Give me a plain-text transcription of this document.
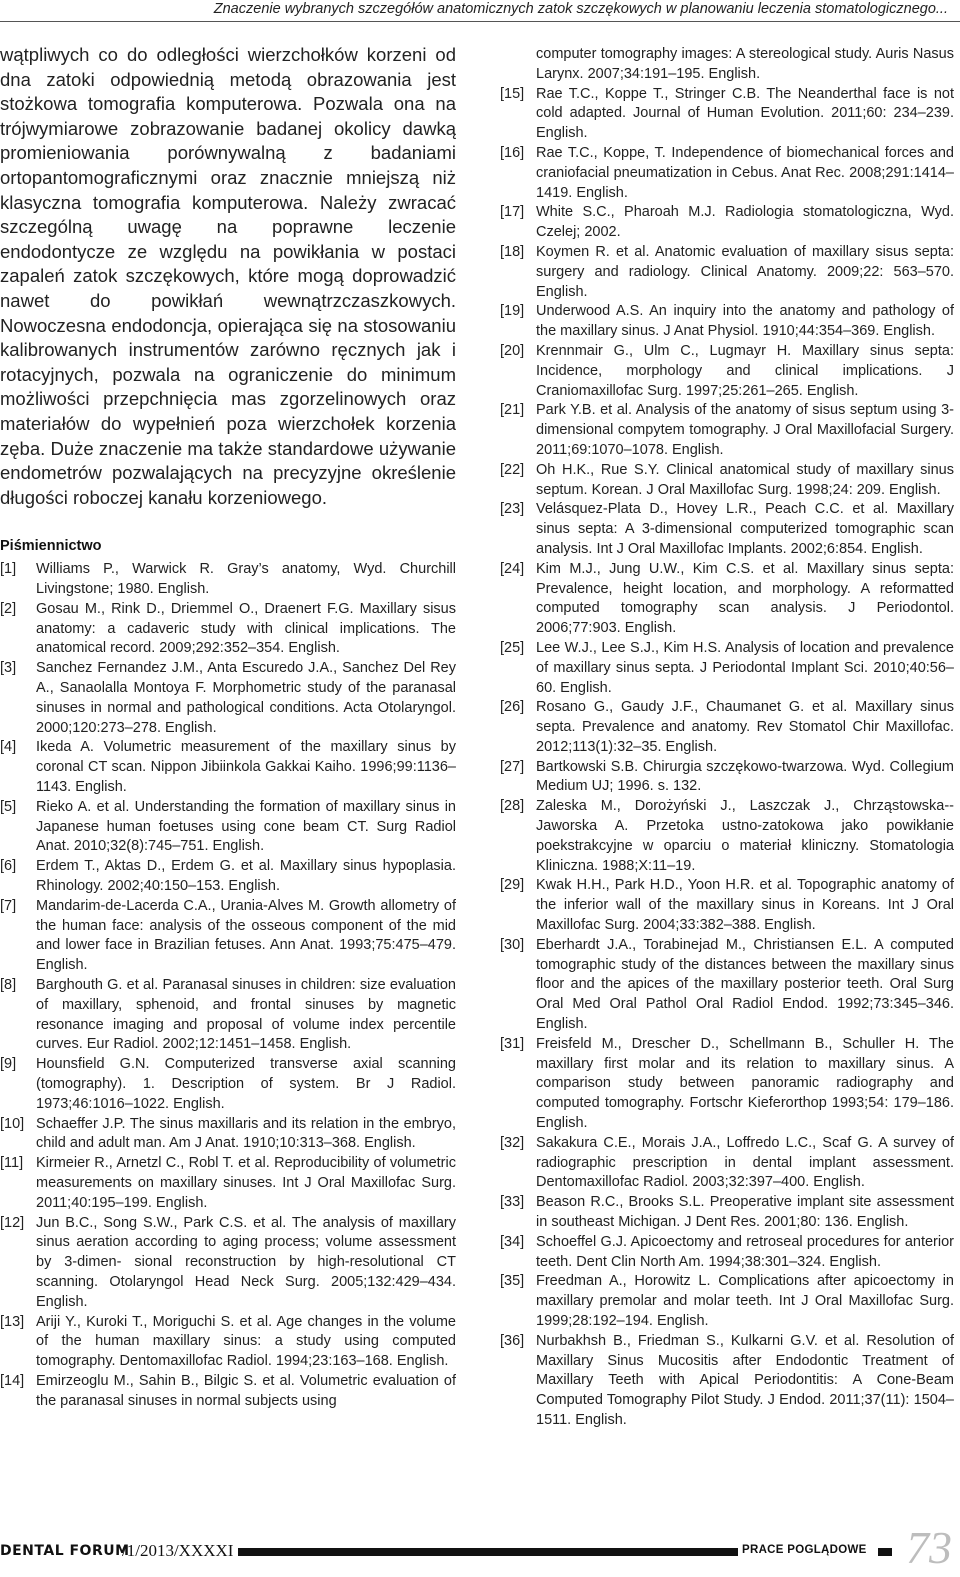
Znaczenie wybranych szczegółów anatomicznych zatok szczękowych w planowaniu leczenia stomatologicznego...

wątpliwych co do odległości wierzchołków korzeni od dna zatoki odpowiednią metodą obrazowania jest stożkowa tomografia komputerowa. Pozwala ona na trójwymiarowe zobrazowanie badanej okolicy dawką promieniowania porównywalną z badaniami ortopantomograficznymi oraz znacznie mniejszą niż klasyczna tomografia komputerowa. Należy zwracać szczególną uwagę na poprawne leczenie endodontycze ze względu na powikłania w postaci zapaleń zatok szczękowych, które mogą doprowadzić nawet do powikłań wewnątrzczaszkowych. Nowoczesna endodoncja, opierająca się na stosowaniu kalibrowanych instrumentów zarówno ręcznych jak i rotacyjnych, pozwala na ograniczenie do minimum możliwości przepchnięcia mas zgorzelinowych oraz materiałów do wypełnień poza wierzchołek korzenia zęba. Duże znaczenie ma także standardowe używanie endometrów pozwalających na precyzyjne określenie długości roboczej kanału korzeniowego.

Piśmiennictwo

[1] Williams P., Warwick R. Gray’s anatomy, Wyd. Churchill Livingstone; 1980. English.

[2] Gosau M., Rink D., Driemmel O., Draenert F.G. Maxillary sisus anatomy: a cadaveric study with clinical implications. The anatomical record. 2009;292:352–354. English.

[3] Sanchez Fernandez J.M., Anta Escuredo J.A., Sanchez Del Rey A., Sanaolalla Montoya F. Morphometric study of the paranasal sinuses in normal and pathological conditions. Acta Otolaryngol. 2000;120:273–278. English.

[4] Ikeda A. Volumetric measurement of the maxillary sinus by coronal CT scan. Nippon Jibiinkola Gakkai Kaiho. 1996;99:1136–1143. English.

[5] Rieko A. et al. Understanding the formation of maxillary sinus in Japanese human foetuses using cone beam CT. Surg Radiol Anat. 2010;32(8):745–751. English.

[6] Erdem T., Aktas D., Erdem G. et al. Maxillary sinus hypoplasia. Rhinology. 2002;40:150–153. English.

[7] Mandarim-de-Lacerda C.A., Urania-Alves M. Growth allometry of the human face: analysis of the osseous component of the mid and lower face in Brazilian fetuses. Ann Anat. 1993;75:475–479. English.

[8] Barghouth G. et al. Paranasal sinuses in children: size evaluation of maxillary, sphenoid, and frontal sinuses by magnetic resonance imaging and proposal of volume index percentile curves. Eur Radiol. 2002;12:1451–1458. English.

[9] Hounsfield G.N. Computerized transverse axial scanning (tomography). 1. Description of system. Br J Radiol. 1973;46:1016–1022. English.

[10] Schaeffer J.P. The sinus maxillaris and its relation in the embryo, child and adult man. Am J Anat. 1910;10:313–368. English.

[11] Kirmeier R., Arnetzl C., Robl T. et al. Reproducibility of volumetric measurements on maxillary sinuses. Int J Oral Maxillofac Surg. 2011;40:195–199. English.

[12] Jun B.C., Song S.W., Park C.S. et al. The analysis of maxillary sinus aeration according to aging process; volume assessment by 3-dimen- sional reconstruction by high-resolutional CT scanning. Otolaryngol Head Neck Surg. 2005;132:429–434. English.

[13] Ariji Y., Kuroki T., Moriguchi S. et al. Age changes in the volume of the human maxillary sinus: a study using computed tomography. Dentomaxillofac Radiol. 1994;23:163–168. English.

[14] Emirzeoglu M., Sahin B., Bilgic S. et al. Volumetric evaluation of the paranasal sinuses in normal subjects using

computer tomography images: A stereological study. Auris Nasus Larynx. 2007;34:191–195. English.

[15] Rae T.C., Koppe T., Stringer C.B. The Neanderthal face is not cold adapted. Journal of Human Evolution. 2011;60: 234–239. English.

[16] Rae T.C., Koppe, T. Independence of biomechanical forces and craniofacial pneumatization in Cebus. Anat Rec. 2008;291:1414–1419. English.

[17] White S.C., Pharoah M.J. Radiologia stomatologiczna, Wyd. Czelej; 2002.

[18] Koymen R. et al. Anatomic evaluation of maxillary sisus septa: surgery and radiology. Clinical Anatomy. 2009;22: 563–570. English.

[19] Underwood A.S. An inquiry into the anatomy and pathology of the maxillary sinus. J Anat Physiol. 1910;44:354–369. English.

[20] Krennmair G., Ulm C., Lugmayr H. Maxillary sinus septa: Incidence, morphology and clinical implications. J Craniomaxillofac Surg. 1997;25:261–265. English.

[21] Park Y.B. et al. Analysis of the anatomy of sisus septum using 3-dimensional compytem tomography. J Oral Maxillofacial Surgery. 2011;69:1070–1078. English.

[22] Oh H.K., Rue S.Y. Clinical anatomical study of maxillary sinus septum. Korean. J Oral Maxillofac Surg. 1998;24: 209. English.

[23] Velásquez-Plata D., Hovey L.R., Peach C.C. et al. Maxillary sinus septa: A 3-dimensional computerized tomographic scan analysis. Int J Oral Maxillofac Implants. 2002;6:854. English.

[24] Kim M.J., Jung U.W., Kim C.S. et al. Maxillary sinus septa: Prevalence, height location, and morphology. A reformatted computed tomography scan analysis. J Periodontol. 2006;77:903. English.

[25] Lee W.J., Lee S.J., Kim H.S. Analysis of location and prevalence of maxillary sinus septa. J Periodontal Implant Sci. 2010;40:56–60. English.

[26] Rosano G., Gaudy J.F., Chaumanet G. et al. Maxillary sinus septa. Prevalence and anatomy. Rev Stomatol Chir Maxillofac. 2012;113(1):32–35. English.

[27] Bartkowski S.B. Chirurgia szczękowo-twarzowa. Wyd. Collegium Medium UJ; 1996. s. 132.

[28] Zaleska M., Dorożyński J., Laszczak J., Chrząstowska--Jaworska A. Przetoka ustno-zatokowa jako powikłanie poekstrakcyjne w oparciu o materiał kliniczny. Stomatologia Kliniczna. 1988;X:11–19.

[29] Kwak H.H., Park H.D., Yoon H.R. et al. Topographic anatomy of the inferior wall of the maxillary sinus in Koreans. Int J Oral Maxillofac Surg. 2004;33:382–388. English.

[30] Eberhardt J.A., Torabinejad M., Christiansen E.L. A computed tomographic study of the distances between the maxillary sinus floor and the apices of the maxillary posterior teeth. Oral Surg Oral Med Oral Pathol Oral Radiol Endod. 1992;73:345–346. English.

[31] Freisfeld M., Drescher D., Schellmann B., Schuller H. The maxillary first molar and its relation to maxillary sinus. A comparison study between panoramic radiography and computed tomography. Fortschr Kieferorthop 1993;54: 179–186. English.

[32] Sakakura C.E., Morais J.A., Loffredo L.C., Scaf G. A survey of radiographic prescription in dental implant assessment. Dentomaxillofac Radiol. 2003;32:397–400. English.

[33] Beason R.C., Brooks S.L. Preoperative implant site assessment in southeast Michigan. J Dent Res. 2001;80: 136. English.

[34] Schoeffel G.J. Apicoectomy and retroseal procedures for anterior teeth. Dent Clin North Am. 1994;38:301–324. English.

[35] Freedman A., Horowitz L. Complications after apicoectomy in maxillary premolar and molar teeth. Int J Oral Maxillofac Surg. 1999;28:192–194. English.

[36] Nurbakhsh B., Friedman S., Kulkarni G.V. et al. Resolution of Maxillary Sinus Mucositis after Endodontic Treatment of Maxillary Teeth with Apical Periodontitis: A Cone-Beam Computed Tomography Pilot Study. J Endod. 2011;37(11): 1504–1511. English.

DENTAL FORUM
/1/2013/XXXXI	PRACE POGLĄDOWE 73
